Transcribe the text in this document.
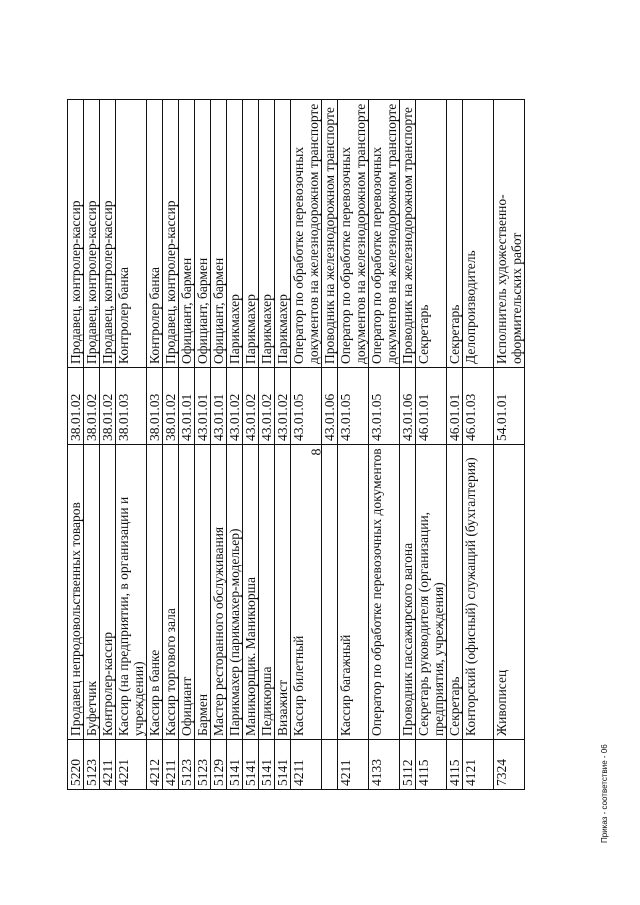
8
5220	Продавец непродовольственных товаров	38.01.02	Продавец, контролер-кассир
5123	Буфетчик	38.01.02	Продавец, контролер-кассир
4211	Контролер-кассир	38.01.02	Продавец, контролер-кассир
4221	Кассир (на предприятии, в организации и учреждении)	38.01.03	Контролер банка
4212	Кассир в банке	38.01.03	Контролер банка
4211	Кассир торгового зала	38.01.02	Продавец, контролер-кассир
5123	Официант	43.01.01	Официант, бармен
5123	Бармен	43.01.01	Официант, бармен
5129	Мастер ресторанного обслуживания	43.01.01	Официант, бармен
5141	Парикмахер (парикмахер-модельер)	43.01.02	Парикмахер
5141	Маникюрщик. Маникюрша	43.01.02	Парикмахер
5141	Педикюрша	43.01.02	Парикмахер
5141	Визажист	43.01.02	Парикмахер
4211	Кассир билетный	43.01.05	Оператор по обработке перевозочных документов на железнодорожном транспорте
		43.01.06	Проводник на железнодорожном транспорте
4211	Кассир багажный	43.01.05	Оператор по обработке перевозочных документов на железнодорожном транспорте
4133	Оператор по обработке перевозочных документов	43.01.05	Оператор по обработке перевозочных документов на железнодорожном транспорте
5112	Проводник пассажирского вагона	43.01.06	Проводник на железнодорожном транспорте
4115	Секретарь руководителя (организации, предприятия, учреждения)	46.01.01	Секретарь
4115	Секретарь	46.01.01	Секретарь
4121	Конторский (офисный) служащий (бухгалтерия)	46.01.03	Делопроизводитель
7324	Живописец	54.01.01	Исполнитель художественно-оформительских работ
Приказ - соответствие - 06
